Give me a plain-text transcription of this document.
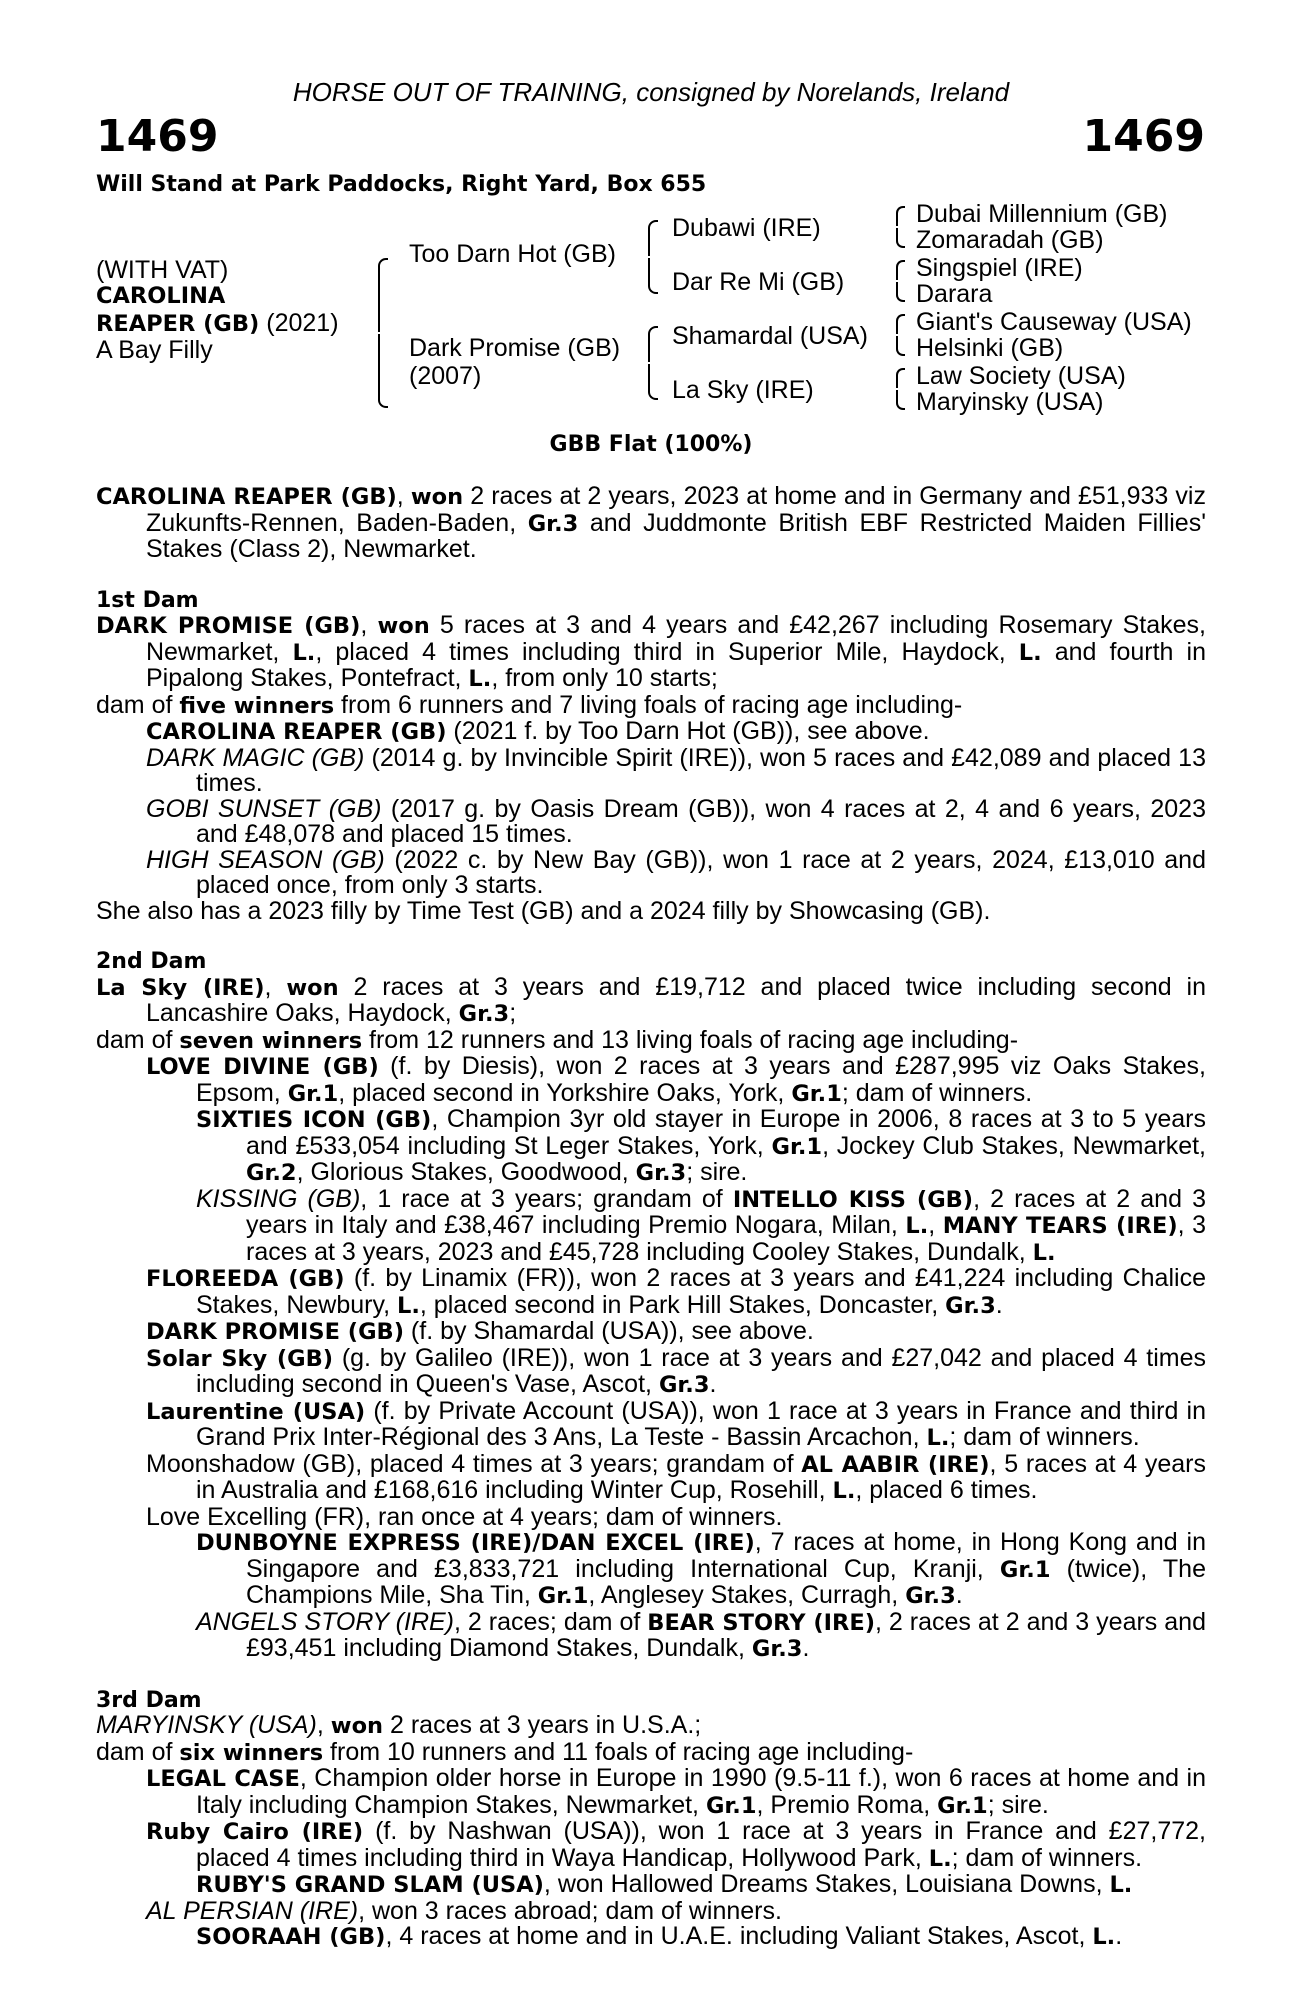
HORSE OUT OF TRAINING, consigned by Norelands, Ireland
1469	1469
Will Stand at Park Paddocks, Right Yard, Box 655
(WITH VAT)
CAROLINA
REAPER (GB) (2021)
A Bay Filly
Too Darn Hot (GB)
Dark Promise (GB)
(2007)
Dubawi (IRE)
Dar Re Mi (GB)
Shamardal (USA)
La Sky (IRE)
Dubai Millennium (GB)
Zomaradah (GB)
Singspiel (IRE)
Darara
Giant's Causeway (USA)
Helsinki (GB)
Law Society (USA)
Maryinsky (USA)
GBB Flat (100%)

CAROLINA REAPER (GB), won 2 races at 2 years, 2023 at home and in Germany and £51,933 viz Zukunfts-Rennen, Baden-Baden, Gr.3 and Juddmonte British EBF Restricted Maiden Fillies' Stakes (Class 2), Newmarket.

1st Dam

DARK PROMISE (GB), won 5 races at 3 and 4 years and £42,267 including Rosemary Stakes, Newmarket, L., placed 4 times including third in Superior Mile, Haydock, L. and fourth in Pipalong Stakes, Pontefract, L., from only 10 starts;

dam of five winners from 6 runners and 7 living foals of racing age including-

CAROLINA REAPER (GB) (2021 f. by Too Darn Hot (GB)), see above.

DARK MAGIC (GB) (2014 g. by Invincible Spirit (IRE)), won 5 races and £42,089 and placed 13 times.

GOBI SUNSET (GB) (2017 g. by Oasis Dream (GB)), won 4 races at 2, 4 and 6 years, 2023 and £48,078 and placed 15 times.

HIGH SEASON (GB) (2022 c. by New Bay (GB)), won 1 race at 2 years, 2024, £13,010 and placed once, from only 3 starts.

She also has a 2023 filly by Time Test (GB) and a 2024 filly by Showcasing (GB).

2nd Dam

La Sky (IRE), won 2 races at 3 years and £19,712 and placed twice including second in Lancashire Oaks, Haydock, Gr.3;

dam of seven winners from 12 runners and 13 living foals of racing age including-

LOVE DIVINE (GB) (f. by Diesis), won 2 races at 3 years and £287,995 viz Oaks Stakes, Epsom, Gr.1, placed second in Yorkshire Oaks, York, Gr.1; dam of winners.

SIXTIES ICON (GB), Champion 3yr old stayer in Europe in 2006, 8 races at 3 to 5 years and £533,054 including St Leger Stakes, York, Gr.1, Jockey Club Stakes, Newmarket, Gr.2, Glorious Stakes, Goodwood, Gr.3; sire.

KISSING (GB), 1 race at 3 years; grandam of INTELLO KISS (GB), 2 races at 2 and 3 years in Italy and £38,467 including Premio Nogara, Milan, L., MANY TEARS (IRE), 3 races at 3 years, 2023 and £45,728 including Cooley Stakes, Dundalk, L.

FLOREEDA (GB) (f. by Linamix (FR)), won 2 races at 3 years and £41,224 including Chalice Stakes, Newbury, L., placed second in Park Hill Stakes, Doncaster, Gr.3.

DARK PROMISE (GB) (f. by Shamardal (USA)), see above.

Solar Sky (GB) (g. by Galileo (IRE)), won 1 race at 3 years and £27,042 and placed 4 times including second in Queen's Vase, Ascot, Gr.3.

Laurentine (USA) (f. by Private Account (USA)), won 1 race at 3 years in France and third in Grand Prix Inter-Régional des 3 Ans, La Teste - Bassin Arcachon, L.; dam of winners.

Moonshadow (GB), placed 4 times at 3 years; grandam of AL AABIR (IRE), 5 races at 4 years in Australia and £168,616 including Winter Cup, Rosehill, L., placed 6 times.

Love Excelling (FR), ran once at 4 years; dam of winners.

DUNBOYNE EXPRESS (IRE)/DAN EXCEL (IRE), 7 races at home, in Hong Kong and in Singapore and £3,833,721 including International Cup, Kranji, Gr.1 (twice), The Champions Mile, Sha Tin, Gr.1, Anglesey Stakes, Curragh, Gr.3.

ANGELS STORY (IRE), 2 races; dam of BEAR STORY (IRE), 2 races at 2 and 3 years and £93,451 including Diamond Stakes, Dundalk, Gr.3.

3rd Dam

MARYINSKY (USA), won 2 races at 3 years in U.S.A.;

dam of six winners from 10 runners and 11 foals of racing age including-

LEGAL CASE, Champion older horse in Europe in 1990 (9.5-11 f.), won 6 races at home and in Italy including Champion Stakes, Newmarket, Gr.1, Premio Roma, Gr.1; sire.

Ruby Cairo (IRE) (f. by Nashwan (USA)), won 1 race at 3 years in France and £27,772, placed 4 times including third in Waya Handicap, Hollywood Park, L.; dam of winners.

RUBY'S GRAND SLAM (USA), won Hallowed Dreams Stakes, Louisiana Downs, L.

AL PERSIAN (IRE), won 3 races abroad; dam of winners.

SOORAAH (GB), 4 races at home and in U.A.E. including Valiant Stakes, Ascot, L..
